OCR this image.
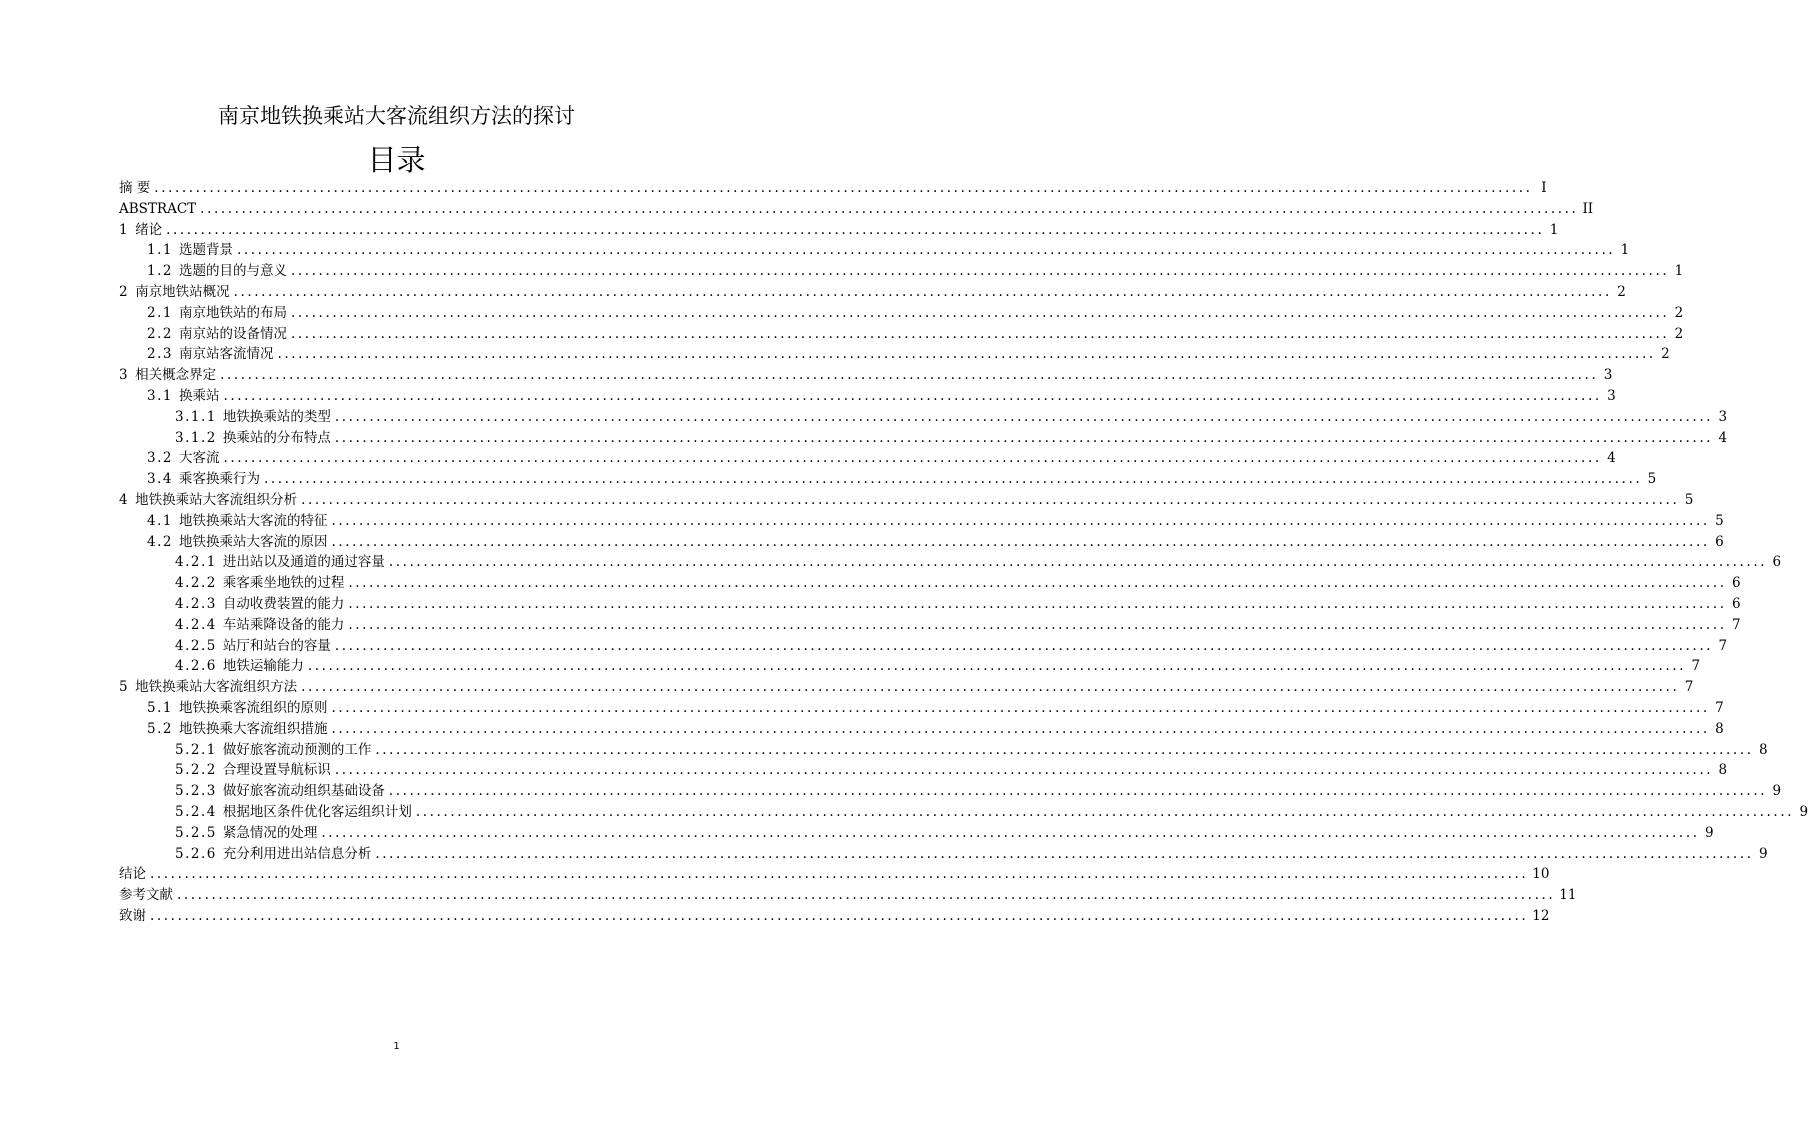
南京地铁换乘站大客流组织方法的探讨
目录
摘 要 ........................................................................................................................................................................................................ I
ABSTRACT ........................................................................................................................................................................................................ II
1 绪论 ........................................................................................................................................................................................................ 1
1.1 选题背景 ........................................................................................................................................................................................................ 1
1.2 选题的目的与意义 ........................................................................................................................................................................................................ 1
2 南京地铁站概况 ........................................................................................................................................................................................................ 2
2.1 南京地铁站的布局 ........................................................................................................................................................................................................ 2
2.2 南京站的设备情况 ........................................................................................................................................................................................................ 2
2.3 南京站客流情况 ........................................................................................................................................................................................................ 2
3 相关概念界定 ........................................................................................................................................................................................................ 3
3.1 换乘站 ........................................................................................................................................................................................................ 3
3.1.1 地铁换乘站的类型 ........................................................................................................................................................................................................ 3
3.1.2 换乘站的分布特点 ........................................................................................................................................................................................................ 4
3.2 大客流 ........................................................................................................................................................................................................ 4
3.4 乘客换乘行为 ........................................................................................................................................................................................................ 5
4 地铁换乘站大客流组织分析 ........................................................................................................................................................................................................ 5
4.1 地铁换乘站大客流的特征 ........................................................................................................................................................................................................ 5
4.2 地铁换乘站大客流的原因 ........................................................................................................................................................................................................ 6
4.2.1 进出站以及通道的通过容量 ........................................................................................................................................................................................................ 6
4.2.2 乘客乘坐地铁的过程 ........................................................................................................................................................................................................ 6
4.2.3 自动收费装置的能力 ........................................................................................................................................................................................................ 6
4.2.4 车站乘降设备的能力 ........................................................................................................................................................................................................ 7
4.2.5 站厅和站台的容量 ........................................................................................................................................................................................................ 7
4.2.6 地铁运输能力 ........................................................................................................................................................................................................ 7
5 地铁换乘站大客流组织方法 ........................................................................................................................................................................................................ 7
5.1 地铁换乘客流组织的原则 ........................................................................................................................................................................................................ 7
5.2 地铁换乘大客流组织措施 ........................................................................................................................................................................................................ 8
5.2.1 做好旅客流动预测的工作 ........................................................................................................................................................................................................ 8
5.2.2 合理设置导航标识 ........................................................................................................................................................................................................ 8
5.2.3 做好旅客流动组织基础设备 ........................................................................................................................................................................................................ 9
5.2.4 根据地区条件优化客运组织计划 ........................................................................................................................................................................................................ 9
5.2.5 紧急情况的处理 ........................................................................................................................................................................................................ 9
5.2.6 充分利用进出站信息分析 ........................................................................................................................................................................................................ 9
结论 ........................................................................................................................................................................................................ 10
参考文献 ........................................................................................................................................................................................................ 11
致谢 ........................................................................................................................................................................................................ 12
1
